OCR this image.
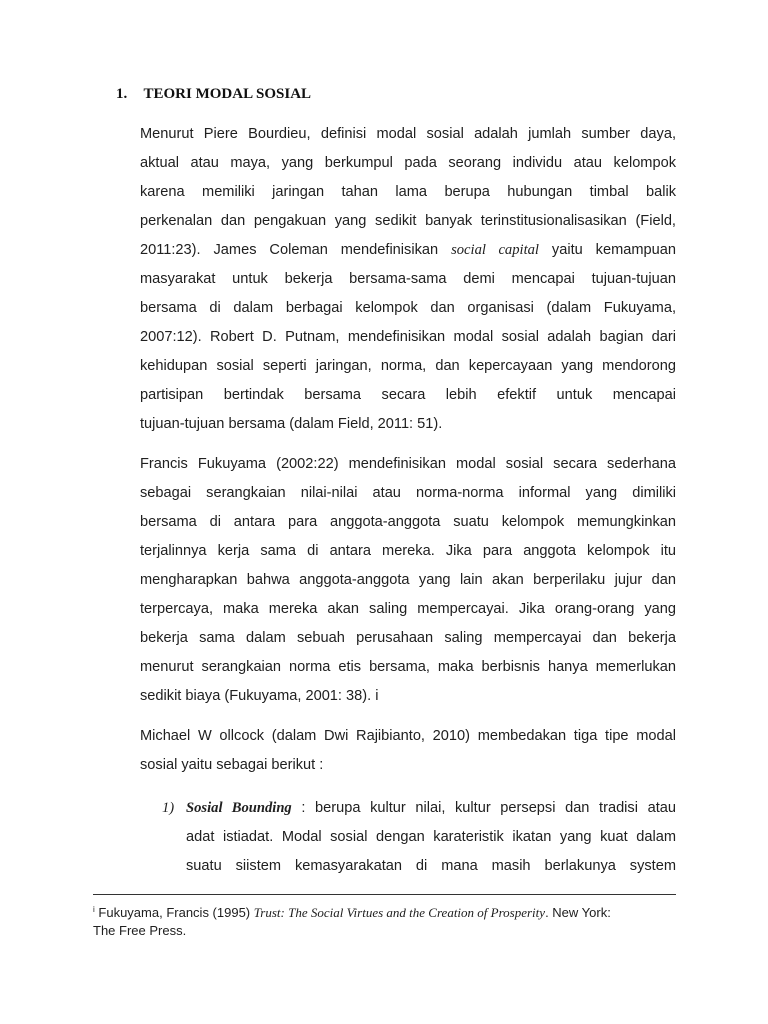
1. TEORI MODAL SOSIAL

Menurut Piere Bourdieu, definisi modal sosial adalah jumlah sumber daya,
aktual atau maya, yang berkumpul pada seorang individu atau kelompok
karena memiliki jaringan tahan lama berupa hubungan timbal balik
perkenalan dan pengakuan yang sedikit banyak terinstitusionalisasikan (Field,
2011:23). James Coleman mendefinisikan social capital yaitu kemampuan
masyarakat untuk bekerja bersama-sama demi mencapai tujuan-tujuan
bersama di dalam berbagai kelompok dan organisasi (dalam Fukuyama,
2007:12). Robert D. Putnam, mendefinisikan modal sosial adalah bagian dari
kehidupan sosial seperti jaringan, norma, dan kepercayaan yang mendorong
partisipan bertindak bersama secara lebih efektif untuk mencapai
tujuan-tujuan bersama (dalam Field, 2011: 51).

Francis Fukuyama (2002:22) mendefinisikan modal sosial secara sederhana
sebagai serangkaian nilai-nilai atau norma-norma informal yang dimiliki
bersama di antara para anggota-anggota suatu kelompok memungkinkan
terjalinnya kerja sama di antara mereka. Jika para anggota kelompok itu
mengharapkan bahwa anggota-anggota yang lain akan berperilaku jujur dan
terpercaya, maka mereka akan saling mempercayai. Jika orang-orang yang
bekerja sama dalam sebuah perusahaan saling mempercayai dan bekerja
menurut serangkaian norma etis bersama, maka berbisnis hanya memerlukan
sedikit biaya (Fukuyama, 2001: 38). i

Michael W ollcock (dalam Dwi Rajibianto, 2010) membedakan tiga tipe modal
sosial yaitu sebagai berikut :

1) Sosial Bounding : berupa kultur nilai, kultur persepsi dan tradisi atau
adat istiadat. Modal sosial dengan karateristik ikatan yang kuat dalam
suatu siistem kemasyarakatan di mana masih berlakunya system
$^i$ Fukuyama, Francis (1995) Trust: The Social Virtues and the Creation of Prosperity. New York:
The Free Press.
